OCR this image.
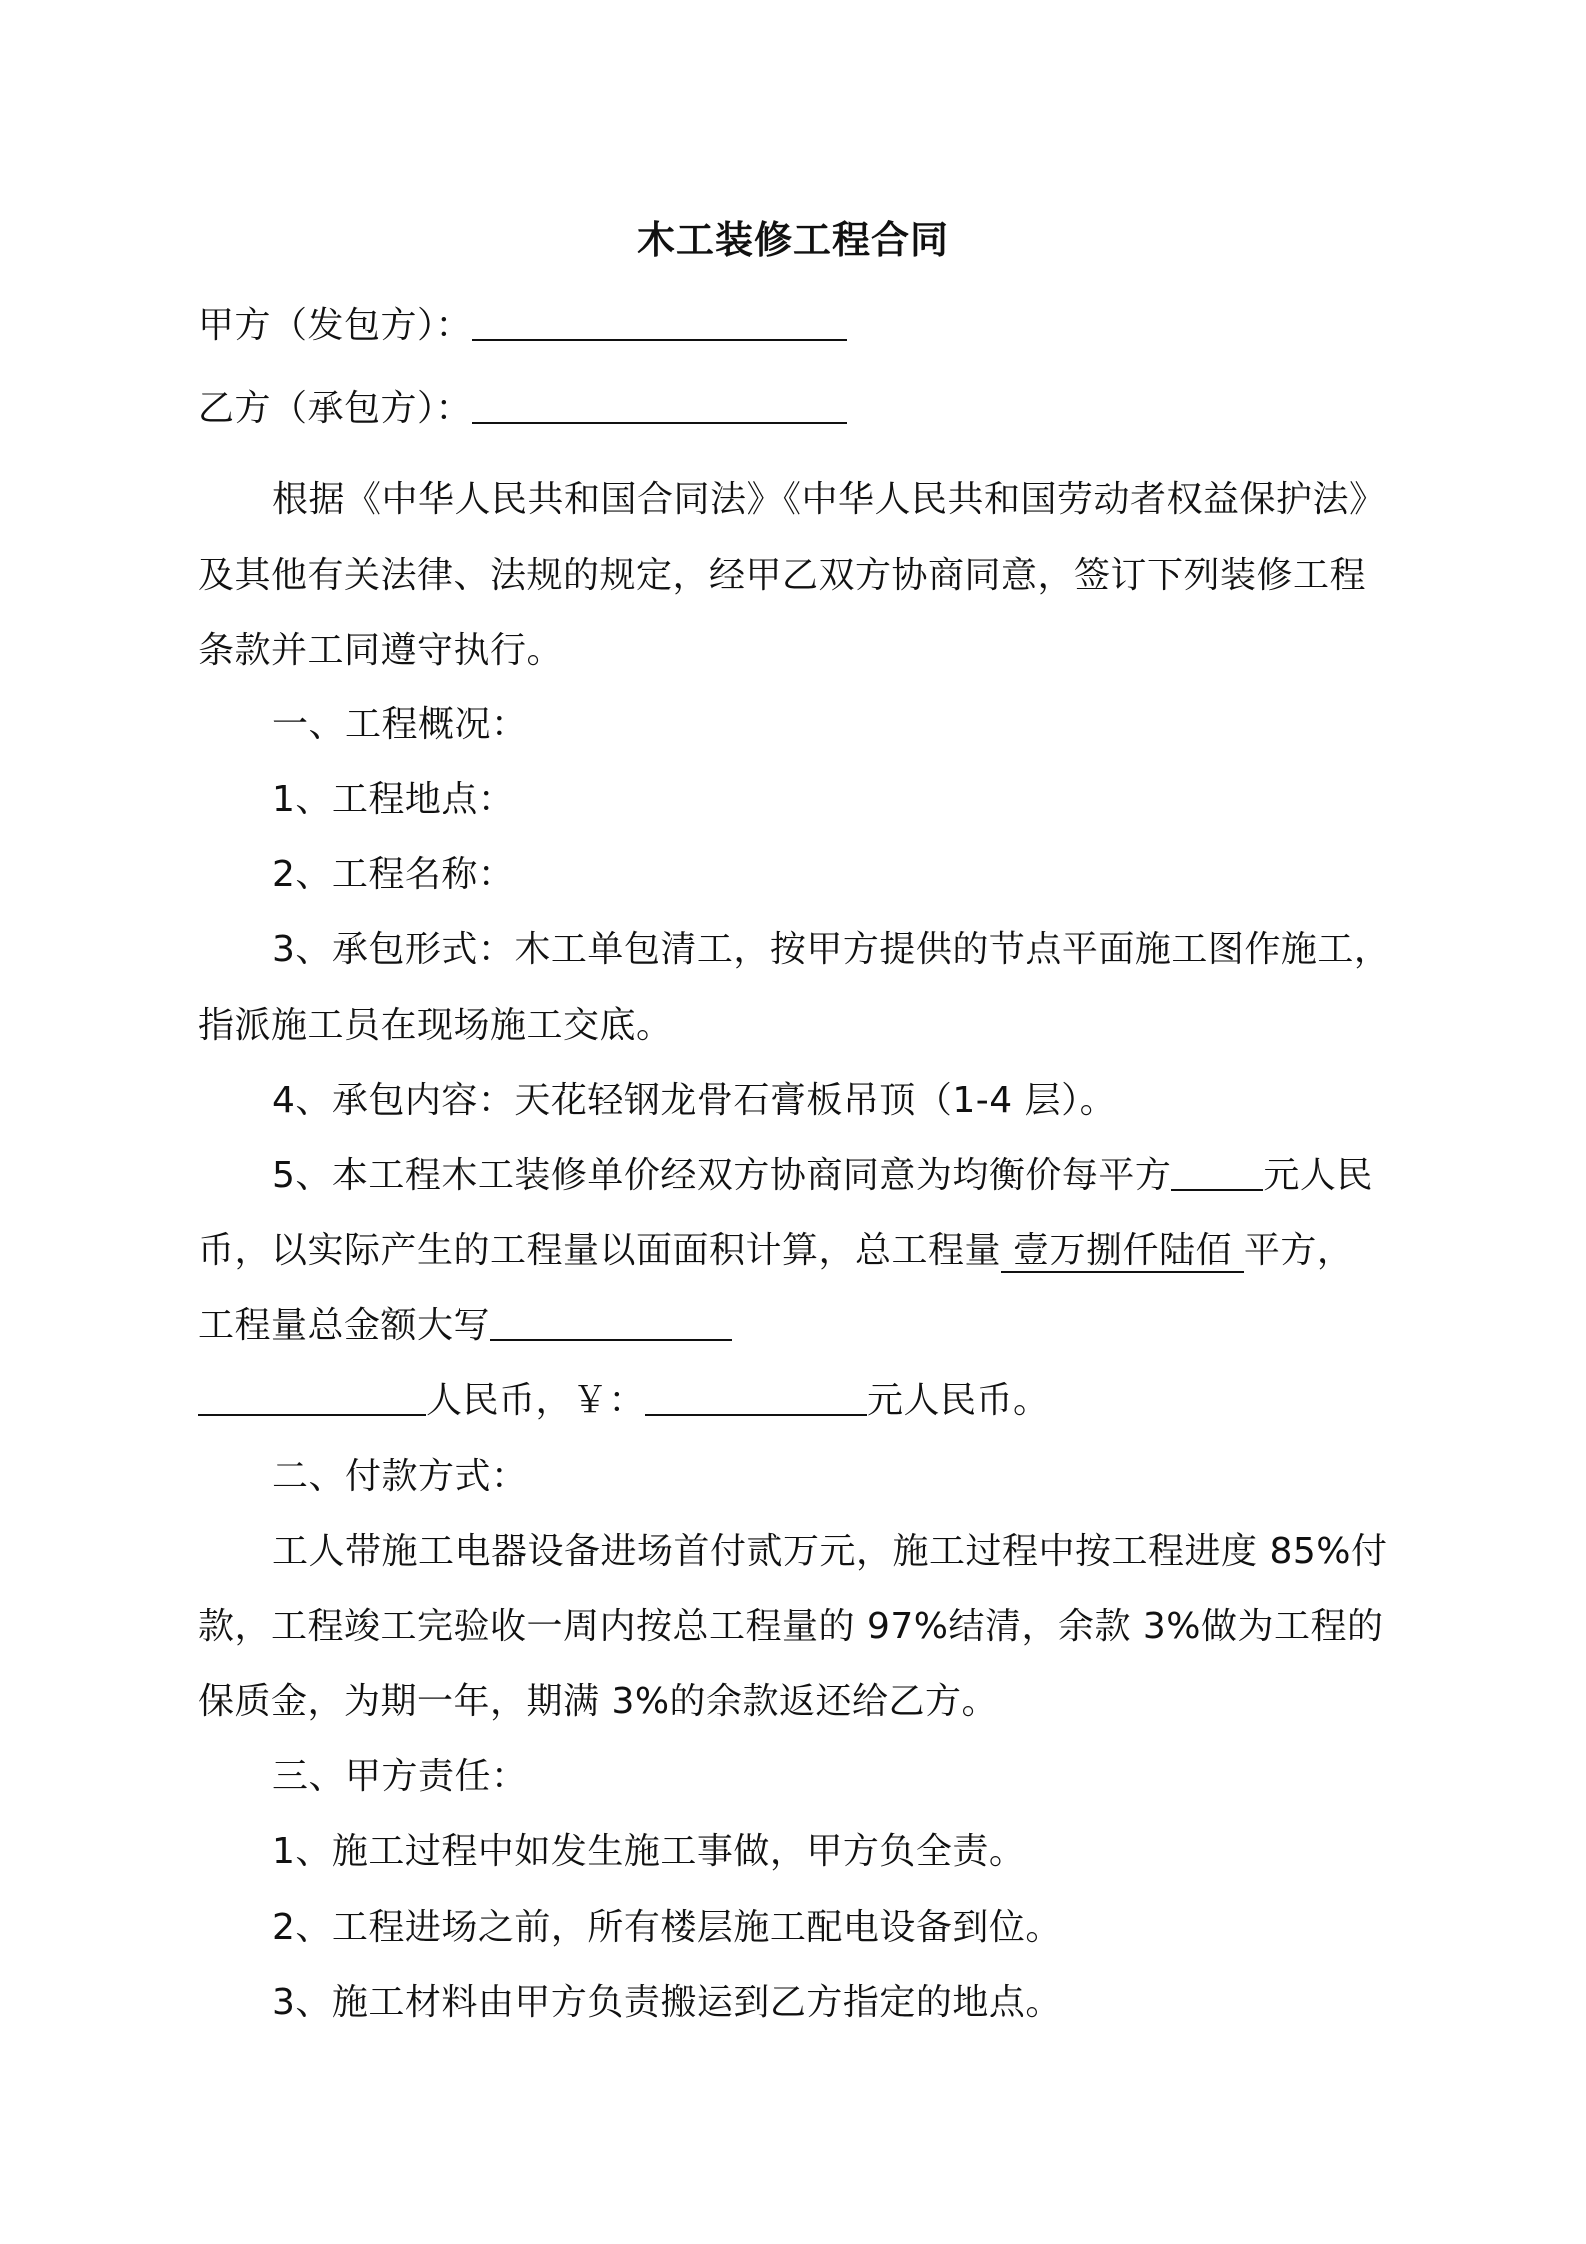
木工装修工程合同
甲方（发包方）：
乙方（承包方）：
根据《中华人民共和国合同法》《中华人民共和国劳动者权益保护法》
及其他有关法律、法规的规定，经甲乙双方协商同意，签订下列装修工程
条款并工同遵守执行。
一、工程概况：
1、工程地点：
2、工程名称：
3、承包形式：木工单包清工，按甲方提供的节点平面施工图作施工，
指派施工员在现场施工交底。
4、承包内容：天花轻钢龙骨石膏板吊顶（1-4 层）。
5、本工程木工装修单价经双方协商同意为均衡价每平方	元人民
币，以实际产生的工程量以面面积计算，总工程量 壹万捌仟陆佰 平方，
工程量总金额大写
人民币，￥：	元人民币。
二、付款方式：
工人带施工电器设备进场首付贰万元，施工过程中按工程进度 85%付
款，工程竣工完验收一周内按总工程量的 97%结清，余款 3%做为工程的
保质金，为期一年，期满 3%的余款返还给乙方。
三、甲方责任：
1、施工过程中如发生施工事做，甲方负全责。
2、工程进场之前，所有楼层施工配电设备到位。
3、施工材料由甲方负责搬运到乙方指定的地点。
